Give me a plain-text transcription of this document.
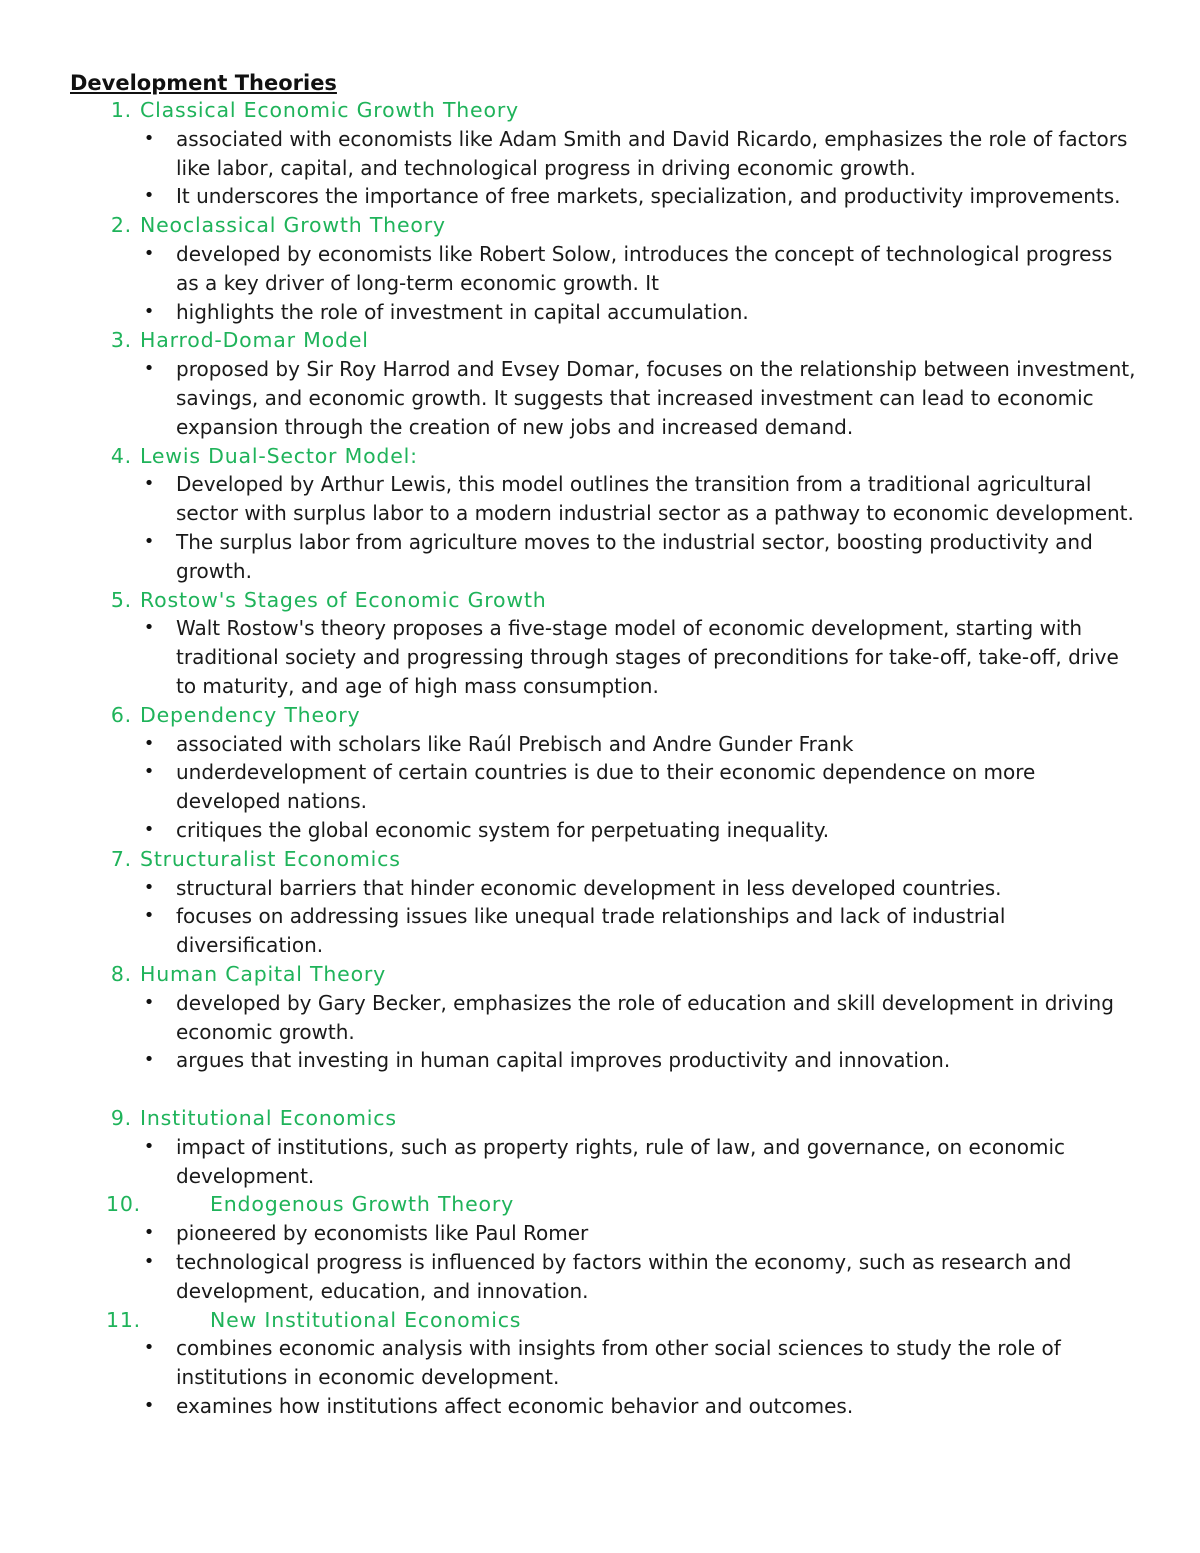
Development Theories
1. Classical Economic Growth Theory
• associated with economists like Adam Smith and David Ricardo, emphasizes the role of factors like labor, capital, and technological progress in driving economic growth.
• It underscores the importance of free markets, specialization, and productivity improvements.
2. Neoclassical Growth Theory
• developed by economists like Robert Solow, introduces the concept of technological progress as a key driver of long-term economic growth. It
• highlights the role of investment in capital accumulation.
3. Harrod-Domar Model
• proposed by Sir Roy Harrod and Evsey Domar, focuses on the relationship between investment, savings, and economic growth. It suggests that increased investment can lead to economic expansion through the creation of new jobs and increased demand.
4. Lewis Dual-Sector Model:
• Developed by Arthur Lewis, this model outlines the transition from a traditional agricultural sector with surplus labor to a modern industrial sector as a pathway to economic development.
• The surplus labor from agriculture moves to the industrial sector, boosting productivity and growth.
5. Rostow's Stages of Economic Growth
• Walt Rostow's theory proposes a five-stage model of economic development, starting with traditional society and progressing through stages of preconditions for take-off, take-off, drive to maturity, and age of high mass consumption.
6. Dependency Theory
• associated with scholars like Raúl Prebisch and Andre Gunder Frank
• underdevelopment of certain countries is due to their economic dependence on more developed nations.
• critiques the global economic system for perpetuating inequality.
7. Structuralist Economics
• structural barriers that hinder economic development in less developed countries.
• focuses on addressing issues like unequal trade relationships and lack of industrial diversification.
8. Human Capital Theory
• developed by Gary Becker, emphasizes the role of education and skill development in driving economic growth.
• argues that investing in human capital improves productivity and innovation.
9. Institutional Economics
• impact of institutions, such as property rights, rule of law, and governance, on economic development.
10.	Endogenous Growth Theory
• pioneered by economists like Paul Romer
• technological progress is influenced by factors within the economy, such as research and development, education, and innovation.
11.	New Institutional Economics
• combines economic analysis with insights from other social sciences to study the role of institutions in economic development.
• examines how institutions affect economic behavior and outcomes.
